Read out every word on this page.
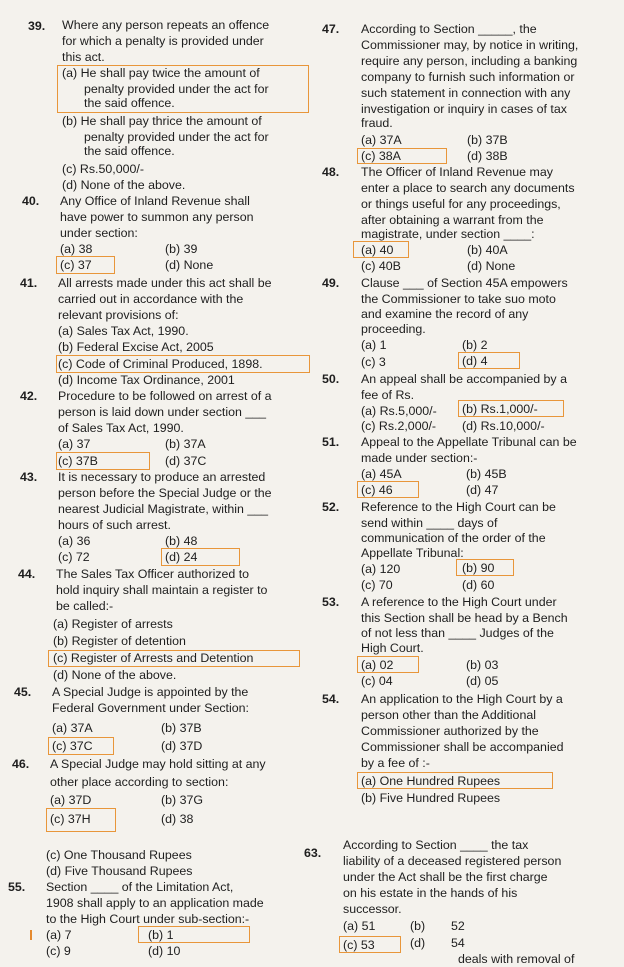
39. Where any person repeats an offence
for which a penalty is provided under
this act.
(a) He shall pay twice the amount of
penalty provided under the act for
the said offence.
(b) He shall pay thrice the amount of
penalty provided under the act for
the said offence.
(c) Rs.50,000/-
(d) None of the above.
40. Any Office of Inland Revenue shall
have power to summon any person
under section:
(a) 38	(b) 39
(c) 37	(d) None
41. All arrests made under this act shall be
carried out in accordance with the
relevant provisions of:
(a) Sales Tax Act, 1990.
(b) Federal Excise Act, 2005
(c) Code of Criminal Produced, 1898.
(d) Income Tax Ordinance, 2001
42. Procedure to be followed on arrest of a
person is laid down under section ___
of Sales Tax Act, 1990.
(a) 37	(b) 37A
(c) 37B	(d) 37C
43. It is necessary to produce an arrested
person before the Special Judge or the
nearest Judicial Magistrate, within ___
hours of such arrest.
(a) 36	(b) 48
(c) 72	(d) 24
44. The Sales Tax Officer authorized to
hold inquiry shall maintain a register to
be called:-
(a) Register of arrests
(b) Register of detention
(c) Register of Arrests and Detention
(d) None of the above.
45. A Special Judge is appointed by the
Federal Government under Section:
(a) 37A	(b) 37B
(c) 37C	(d) 37D
46. A Special Judge may hold sitting at any
other place according to section:
(a) 37D	(b) 37G
(c) 37H	(d) 38
(c) One Thousand Rupees
(d) Five Thousand Rupees
55. Section ____ of the Limitation Act,
1908 shall apply to an application made
to the High Court under sub-section:-
(a) 7	(b) 1
(c) 9	(d) 10
47. According to Section _____, the
Commissioner may, by notice in writing,
require any person, including a banking
company to furnish such information or
such statement in connection with any
investigation or inquiry in cases of tax
fraud.
(a) 37A	(b) 37B
(c) 38A	(d) 38B
48. The Officer of Inland Revenue may
enter a place to search any documents
or things useful for any proceedings,
after obtaining a warrant from the
magistrate, under section ____:
(a) 40	(b) 40A
(c) 40B	(d) None
49. Clause ___ of Section 45A empowers
the Commissioner to take suo moto
and examine the record of any
proceeding.
(a) 1	(b) 2
(c) 3	(d) 4
50. An appeal shall be accompanied by a
fee of Rs.
(a) Rs.5,000/- (b) Rs.1,000/-
(c) Rs.2,000/- (d) Rs.10,000/-
51. Appeal to the Appellate Tribunal can be
made under section:-
(a) 45A	(b) 45B
(c) 46	(d) 47
52. Reference to the High Court can be
send within ____ days of
communication of the order of the
Appellate Tribunal:
(a) 120	(b) 90
(c) 70	(d) 60
53. A reference to the High Court under
this Section shall be head by a Bench
of not less than ____ Judges of the
High Court.
(a) 02	(b) 03
(c) 04	(d) 05
54. An application to the High Court by a
person other than the Additional
Commissioner authorized by the
Commissioner shall be accompanied
by a fee of :-
(a) One Hundred Rupees
(b) Five Hundred Rupees
63.
According to Section ____ the tax
liability of a deceased registered person
under the Act shall be the first charge
on his estate in the hands of his
successor.
(a) 51	(b) 52
(c) 53	(d) 54
deals with removal of
